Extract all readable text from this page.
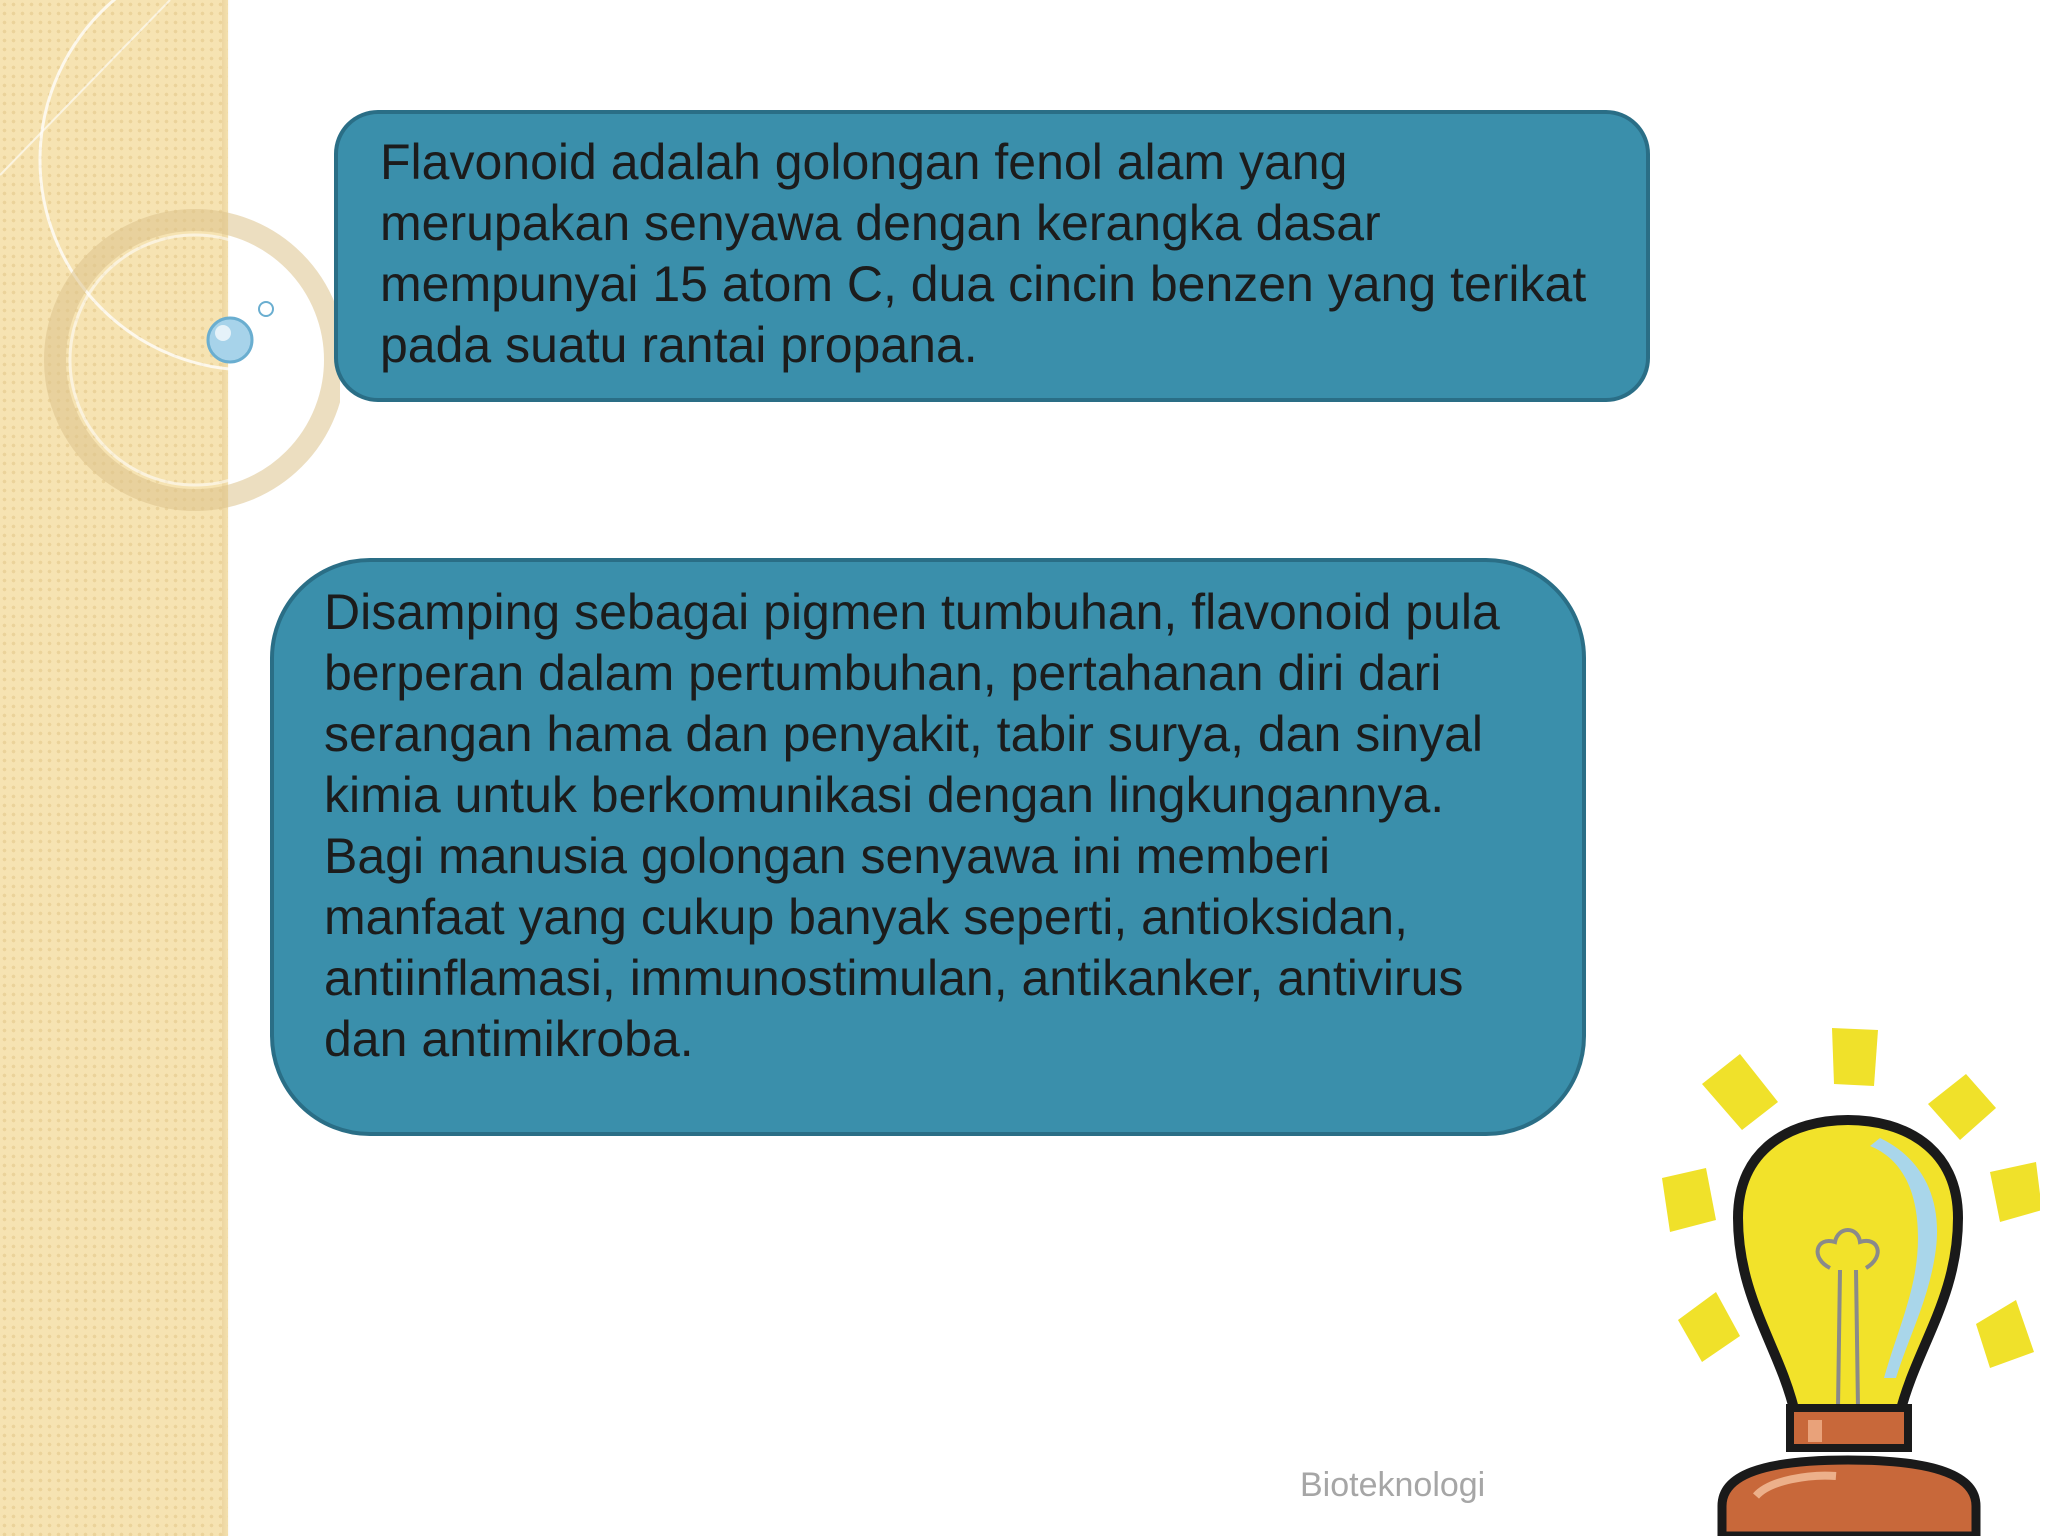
Flavonoid adalah golongan fenol alam yang
merupakan senyawa dengan kerangka dasar
mempunyai 15 atom C, dua cincin benzen yang terikat
pada suatu rantai propana.
Disamping sebagai pigmen tumbuhan, flavonoid pula
berperan dalam pertumbuhan, pertahanan diri dari
serangan hama dan penyakit, tabir surya, dan sinyal
kimia untuk berkomunikasi dengan lingkungannya.
Bagi manusia golongan senyawa ini memberi
manfaat yang cukup banyak seperti, antioksidan,
antiinflamasi, immunostimulan, antikanker, antivirus
dan antimikroba.
Bioteknologi
